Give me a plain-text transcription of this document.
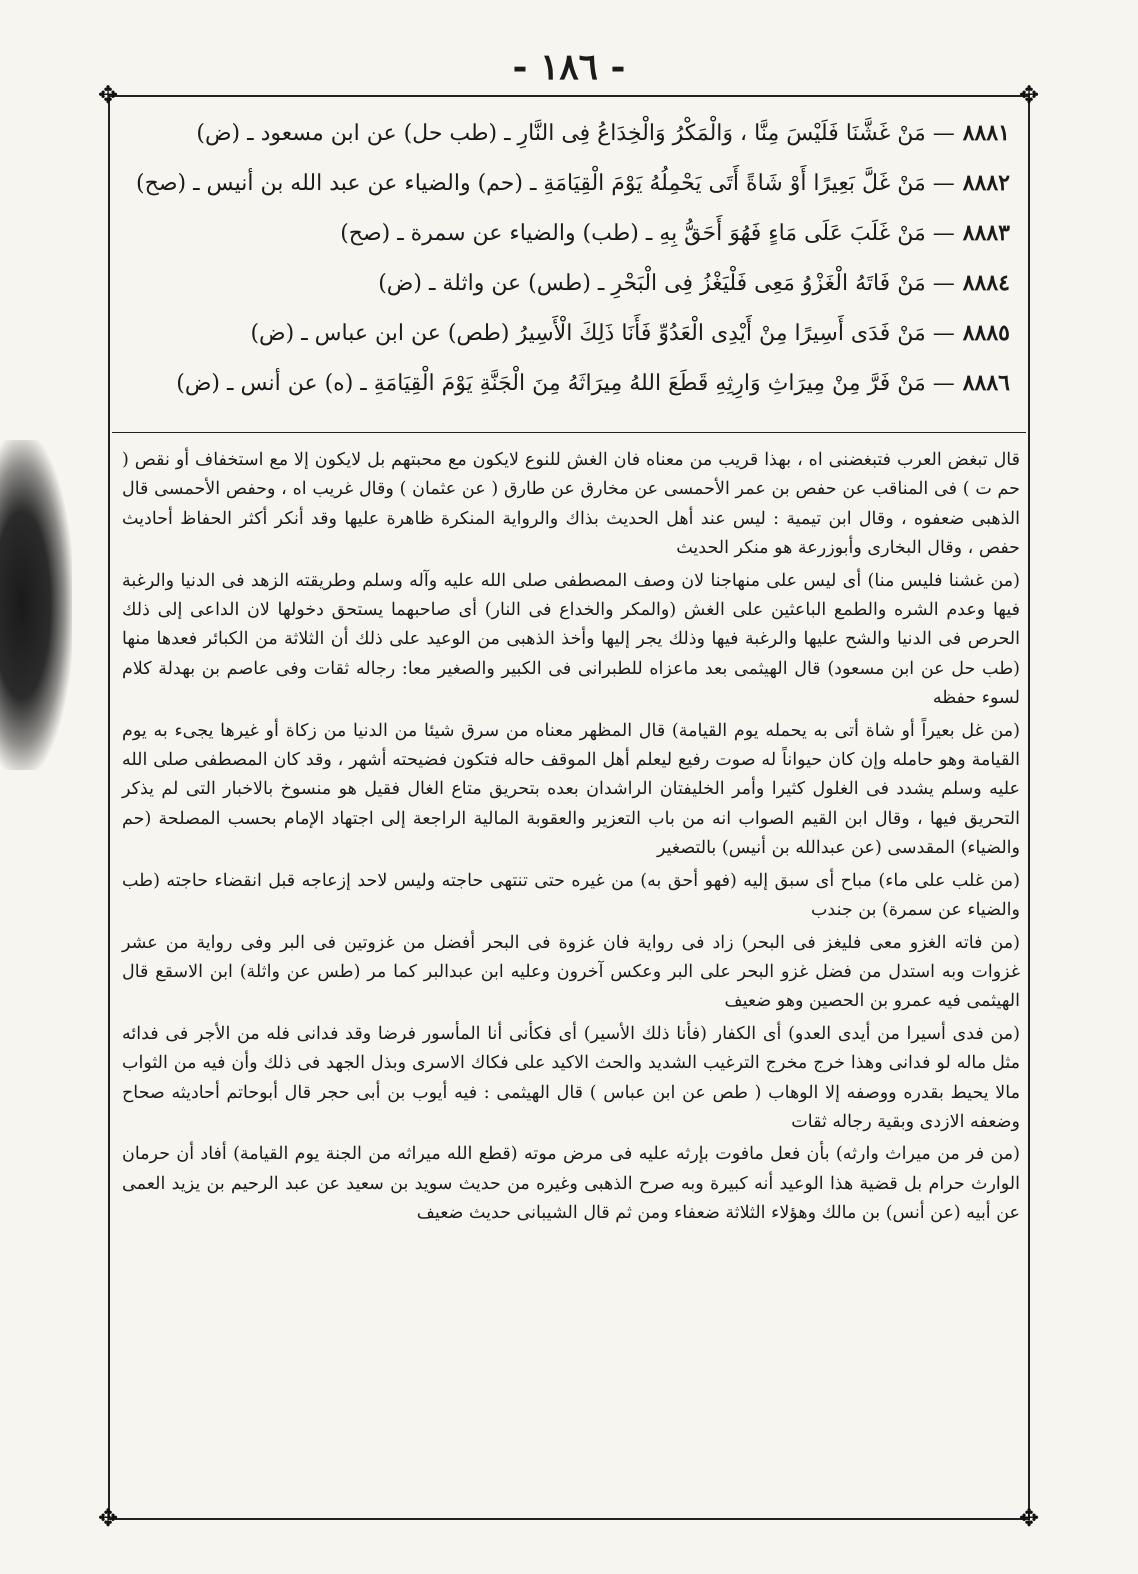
- ١٨٦ -
✥	✥
✥	✥
٨٨٨١— مَنْ غَشَّنَا فَلَيْسَ مِنَّا ، وَالْمَكْرُ وَالْخِدَاعُ فِى النَّارِ ـ (طب حل) عن ابن مسعود ـ (ض)
٨٨٨٢— مَنْ غَلَّ بَعِيرًا أَوْ شَاةً أَتَى يَحْمِلُهُ يَوْمَ الْقِيَامَةِ ـ (حم) والضياء عن عبد الله بن أنيس ـ (صح)
٨٨٨٣— مَنْ غَلَبَ عَلَى مَاءٍ فَهُوَ أَحَقُّ بِهِ ـ (طب) والضياء عن سمرة ـ (صح)
٨٨٨٤— مَنْ فَاتَهُ الْغَزْوُ مَعِى فَلْيَغْزُ فِى الْبَحْرِ ـ (طس) عن واثلة ـ (ض)
٨٨٨٥— مَنْ فَدَى أَسِيرًا مِنْ أَيْدِى الْعَدُوِّ فَأَنَا ذَلِكَ الْأَسِيرُ (طص) عن ابن عباس ـ (ض)
٨٨٨٦— مَنْ فَرَّ مِنْ مِيرَاثِ وَارِثِهِ قَطَعَ اللهُ مِيرَاثَهُ مِنَ الْجَنَّةِ يَوْمَ الْقِيَامَةِ ـ (ه) عن أنس ـ (ض)

قال تبغض العرب فتبغضنى اه ، بهذا قريب من معناه فان الغش للنوع لايكون مع محبتهم بل لايكون إلا مع استخفاف أو نقص ( حم ت ) فى المناقب عن حفص بن عمر الأحمسى عن مخارق عن طارق ( عن عثمان ) وقال غريب اه ، وحفص الأحمسى قال الذهبى ضعفوه ، وقال ابن تيمية : ليس عند أهل الحديث بذاك والرواية المنكرة ظاهرة عليها وقد أنكر أكثر الحفاظ أحاديث حفص ، وقال البخارى وأبوزرعة هو منكر الحديث

(من غشنا فليس منا) أى ليس على منهاجنا لان وصف المصطفى صلى الله عليه وآله وسلم وطريقته الزهد فى الدنيا والرغبة فيها وعدم الشره والطمع الباعثين على الغش (والمكر والخداع فى النار) أى صاحبهما يستحق دخولها لان الداعى إلى ذلك الحرص فى الدنيا والشح عليها والرغبة فيها وذلك يجر إليها وأخذ الذهبى من الوعيد على ذلك أن الثلاثة من الكبائر فعدها منها (طب حل عن ابن مسعود) قال الهيثمى بعد ماعزاه للطبرانى فى الكبير والصغير معا: رجاله ثقات وفى عاصم بن بهدلة كلام لسوء حفظه

(من غل بعيراً أو شاة أتى به يحمله يوم القيامة) قال المظهر معناه من سرق شيئا من الدنيا من زكاة أو غيرها يجىء به يوم القيامة وهو حامله وإن كان حيواناً له صوت رفيع ليعلم أهل الموقف حاله فتكون فضيحته أشهر ، وقد كان المصطفى صلى الله عليه وسلم يشدد فى الغلول كثيرا وأمر الخليفتان الراشدان بعده بتحريق متاع الغال فقيل هو منسوخ بالاخبار التى لم يذكر التحريق فيها ، وقال ابن القيم الصواب انه من باب التعزير والعقوبة المالية الراجعة إلى اجتهاد الإمام بحسب المصلحة (حم والضياء) المقدسى (عن عبدالله بن أنيس) بالتصغير

(من غلب على ماء) مباح أى سبق إليه (فهو أحق به) من غيره حتى تنتهى حاجته وليس لاحد إزعاجه قبل انقضاء حاجته (طب والضياء عن سمرة) بن جندب

(من فاته الغزو معى فليغز فى البحر) زاد فى رواية فان غزوة فى البحر أفضل من غزوتين فى البر وفى رواية من عشر غزوات وبه استدل من فضل غزو البحر على البر وعكس آخرون وعليه ابن عبدالبر كما مر (طس عن واثلة) ابن الاسقع قال الهيثمى فيه عمرو بن الحصين وهو ضعيف

(من فدى أسيرا من أيدى العدو) أى الكفار (فأنا ذلك الأسير) أى فكأنى أنا المأسور فرضا وقد فدانى فله من الأجر فى فدائه مثل ماله لو فدانى وهذا خرج مخرج الترغيب الشديد والحث الاكيد على فكاك الاسرى وبذل الجهد فى ذلك وأن فيه من الثواب مالا يحيط بقدره ووصفه إلا الوهاب ( طص عن ابن عباس ) قال الهيثمى : فيه أيوب بن أبى حجر قال أبوحاتم أحاديثه صحاح وضعفه الازدى وبقية رجاله ثقات

(من فر من ميراث وارثه) بأن فعل مافوت بإرثه عليه فى مرض موته (قطع الله ميراثه من الجنة يوم القيامة) أفاد أن حرمان الوارث حرام بل قضية هذا الوعيد أنه كبيرة وبه صرح الذهبى وغيره من حديث سويد بن سعيد عن عبد الرحيم بن يزيد العمى عن أبيه (عن أنس) بن مالك وهؤلاء الثلاثة ضعفاء ومن ثم قال الشيبانى حديث ضعيف
